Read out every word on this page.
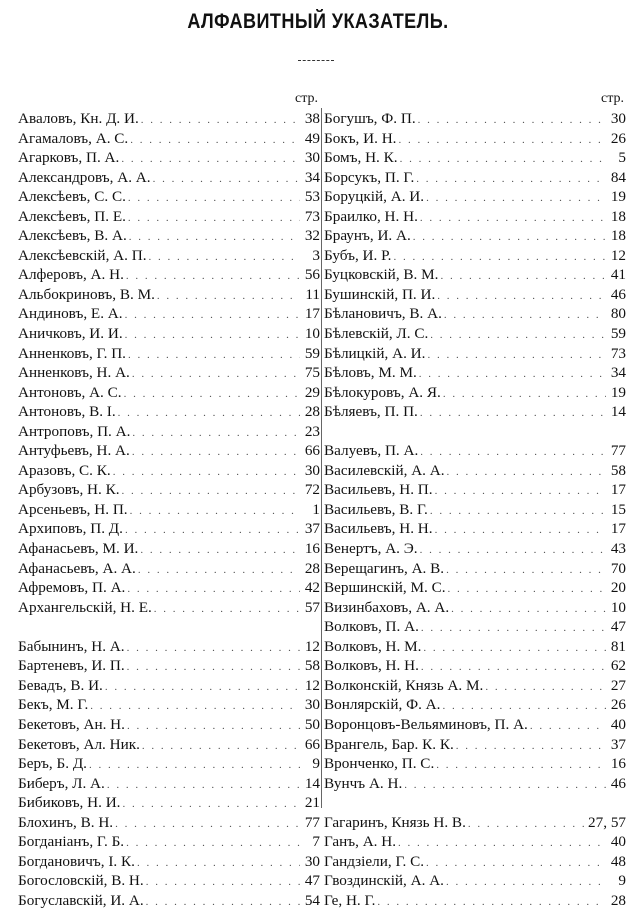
АЛФАВИТНЫЙ УКАЗАТЕЛЬ.
стр.
Аваловъ, Кн. Д. И. . . .	38
Агамаловъ, А. С. . . .	49
Агарковъ, П. А. . . .	30
Александровъ, А. А. . . .	34
Алексѣевъ, С. С. . . .	53
Алексѣевъ, П. Е. . . .	73
Алексѣевъ, В. А. . . .	32
Алексѣевскій, А. П. . . .	3
Алферовъ, А. Н. . . .	56
Альбокриновъ, В. М. . . .	11
Андиновъ, Е. А. . . .	17
Аничковъ, И. И. . . .	10
Анненковъ, Г. П. . . .	59
Анненковъ, Н. А. . . .	75
Антоновъ, А. С. . . .	29
Антоновъ, В. І. . . .	28
Антроповъ, П. А. . . .	23
Антуфьевъ, Н. А. . . .	66
Аразовъ, С. К. . . .	30
Арбузовъ, Н. К. . . .	72
Арсеньевъ, Н. П. . . .	1
Архиповъ, П. Д. . . .	37
Афанасьевъ, М. И. . . .	16
Афанасьевъ, А. А. . . .	28
Афремовъ, П. А. . . .	42
Архангельскій, Н. Е. . . .	57
Бабынинъ, Н. А. . . .	12
Бартеневъ, И. П. . . .	58
Бевадъ, В. И. . . .	12
Бекъ, М. Г. . . .	30
Бекетовъ, Ан. Н. . . .	50
Бекетовъ, Ал. Ник. . . .	66
Беръ, Б. Д. . . .	9
Биберъ, Л. А. . . .	14
Бибиковъ, Н. И. . . .	21
Блохинъ, В. Н. . . .	77
Богданіанъ, Г. Б. . . .	7
Богдановичъ, І. К. . . .	30
Богословскій, В. Н. . . .	47
Богуславскій, И. А. . . .	54
стр.
Богушъ, Ф. П. . . .	30
Бокъ, И. Н. . . .	26
Бомъ, Н. К. . . .	5
Борсукъ, П. Г. . . .	84
Боруцкій, А. И. . . .	19
Браилко, Н. Н. . . .	18
Браунъ, И. А. . . .	18
Бубъ, И. Р. . . .	12
Буцковскій, В. М. . . .	41
Бушинскій, П. И. . . .	46
Бѣлановичъ, В. А. . . .	80
Бѣлевскій, Л. С. . . .	59
Бѣлицкій, А. И. . . .	73
Бѣловъ, М. М. . . .	34
Бѣлокуровъ, А. Я. . . .	19
Бѣляевъ, П. П. . . .	14
Валуевъ, П. А. . . .	77
Василевскій, А. А. . . .	58
Васильевъ, Н. П. . . .	17
Васильевъ, В. Г. . . .	15
Васильевъ, Н. Н. . . .	17
Венертъ, А. Э. . . .	43
Верещагинъ, А. В. . . .	70
Вершинскій, М. С. . . .	20
Визинбаховъ, А. А. . . .	10
Волковъ, П. А. . . .	47
Волковъ, Н. М. . . .	81
Волковъ, Н. Н. . . .	62
Волконскій, Князь А. М. . . .	27
Вонлярскій, Ф. А. . . .	26
Воронцовъ-Вельяминовъ, П. А. . . .	40
Врангель, Бар. К. К. . . .	37
Вронченко, П. С. . . .	16
Вунчъ А. Н. . . .	46
Гагаринъ, Князь Н. В. . . .	27, 57
Ганъ, А. Н. . . .	40
Гандзіели, Г. С. . . .	48
Гвоздинскій, А. А. . . .	9
Ге, Н. Г. . . .	28
